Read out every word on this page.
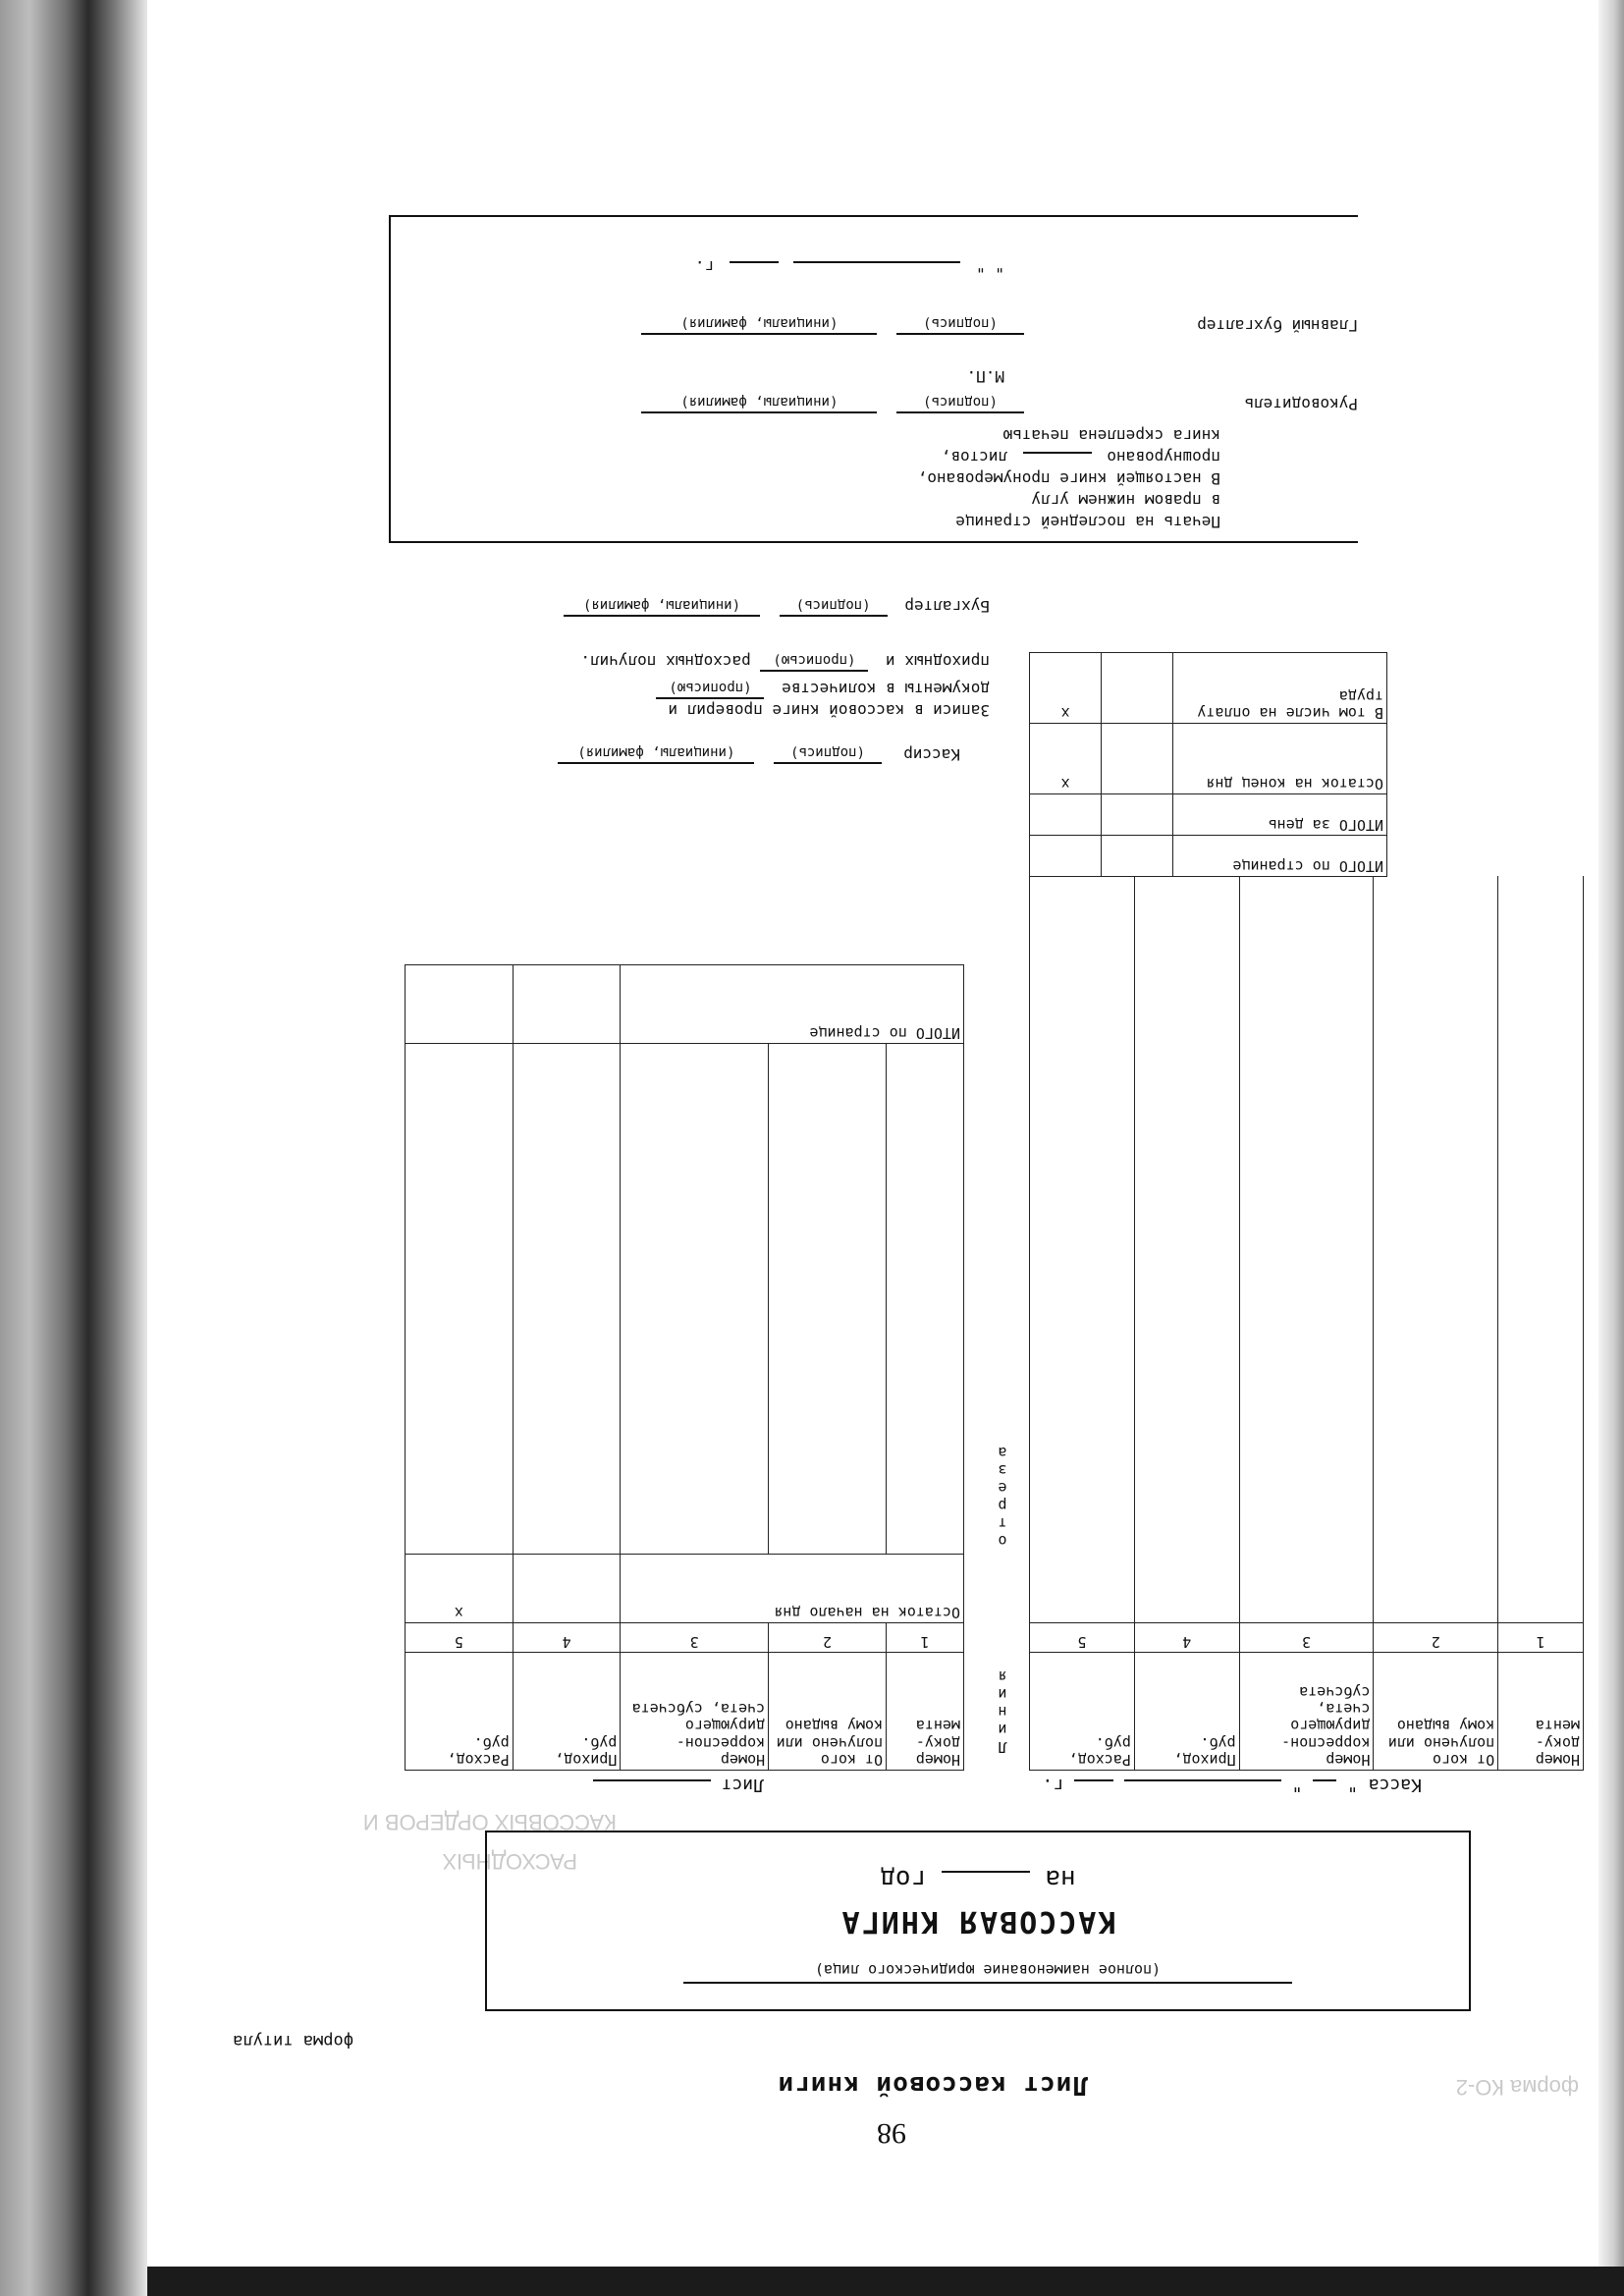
98
форма КО-2
КАССОВЫХ ОРДЕРОВ И
РАСХОДНЫХ
Лист кассовой книги
форма титула
(полное наименование юридического лица)
КАССОВАЯ КНИГА
на  год
Касса "  "   г.
Лист
Номер доку- мента	От кого получено или кому выдано	Номер корреспон- дирующего счета, субсчета	Приход, руб.	Расход, руб.
1	2	3	4	5

Л и н и я
о т р е з а
Номер доку- мента	От кого получено или кому выдано	Номер корреспон- дирующего счета, субсчета	Приход, руб.	Расход, руб.
1	2	3	4	5
Остаток на начало дня				x

ИТОГО по странице				
ИТОГО по странице		
ИТОГО за день		
Остаток на конец дня		x
В том числе на оплату труда		x
Кассир
(подпись) (инициалы, фамилия)
Записи в кассовой книге проверил и
документы в количестве (прописью)
приходных и (прописью) расходных получил.
Бухгалтер (подпись) (инициалы, фамилия)
Печать на последней странице
в правом нижнем углу
В настоящей книге пронумеровано,
прошнуровано  листов,
книга скреплена печатью
Руководитель
(подпись) (инициалы, фамилия)
М.П.
Главный бухгалтер
(подпись) (инициалы, фамилия)
" "   г.
